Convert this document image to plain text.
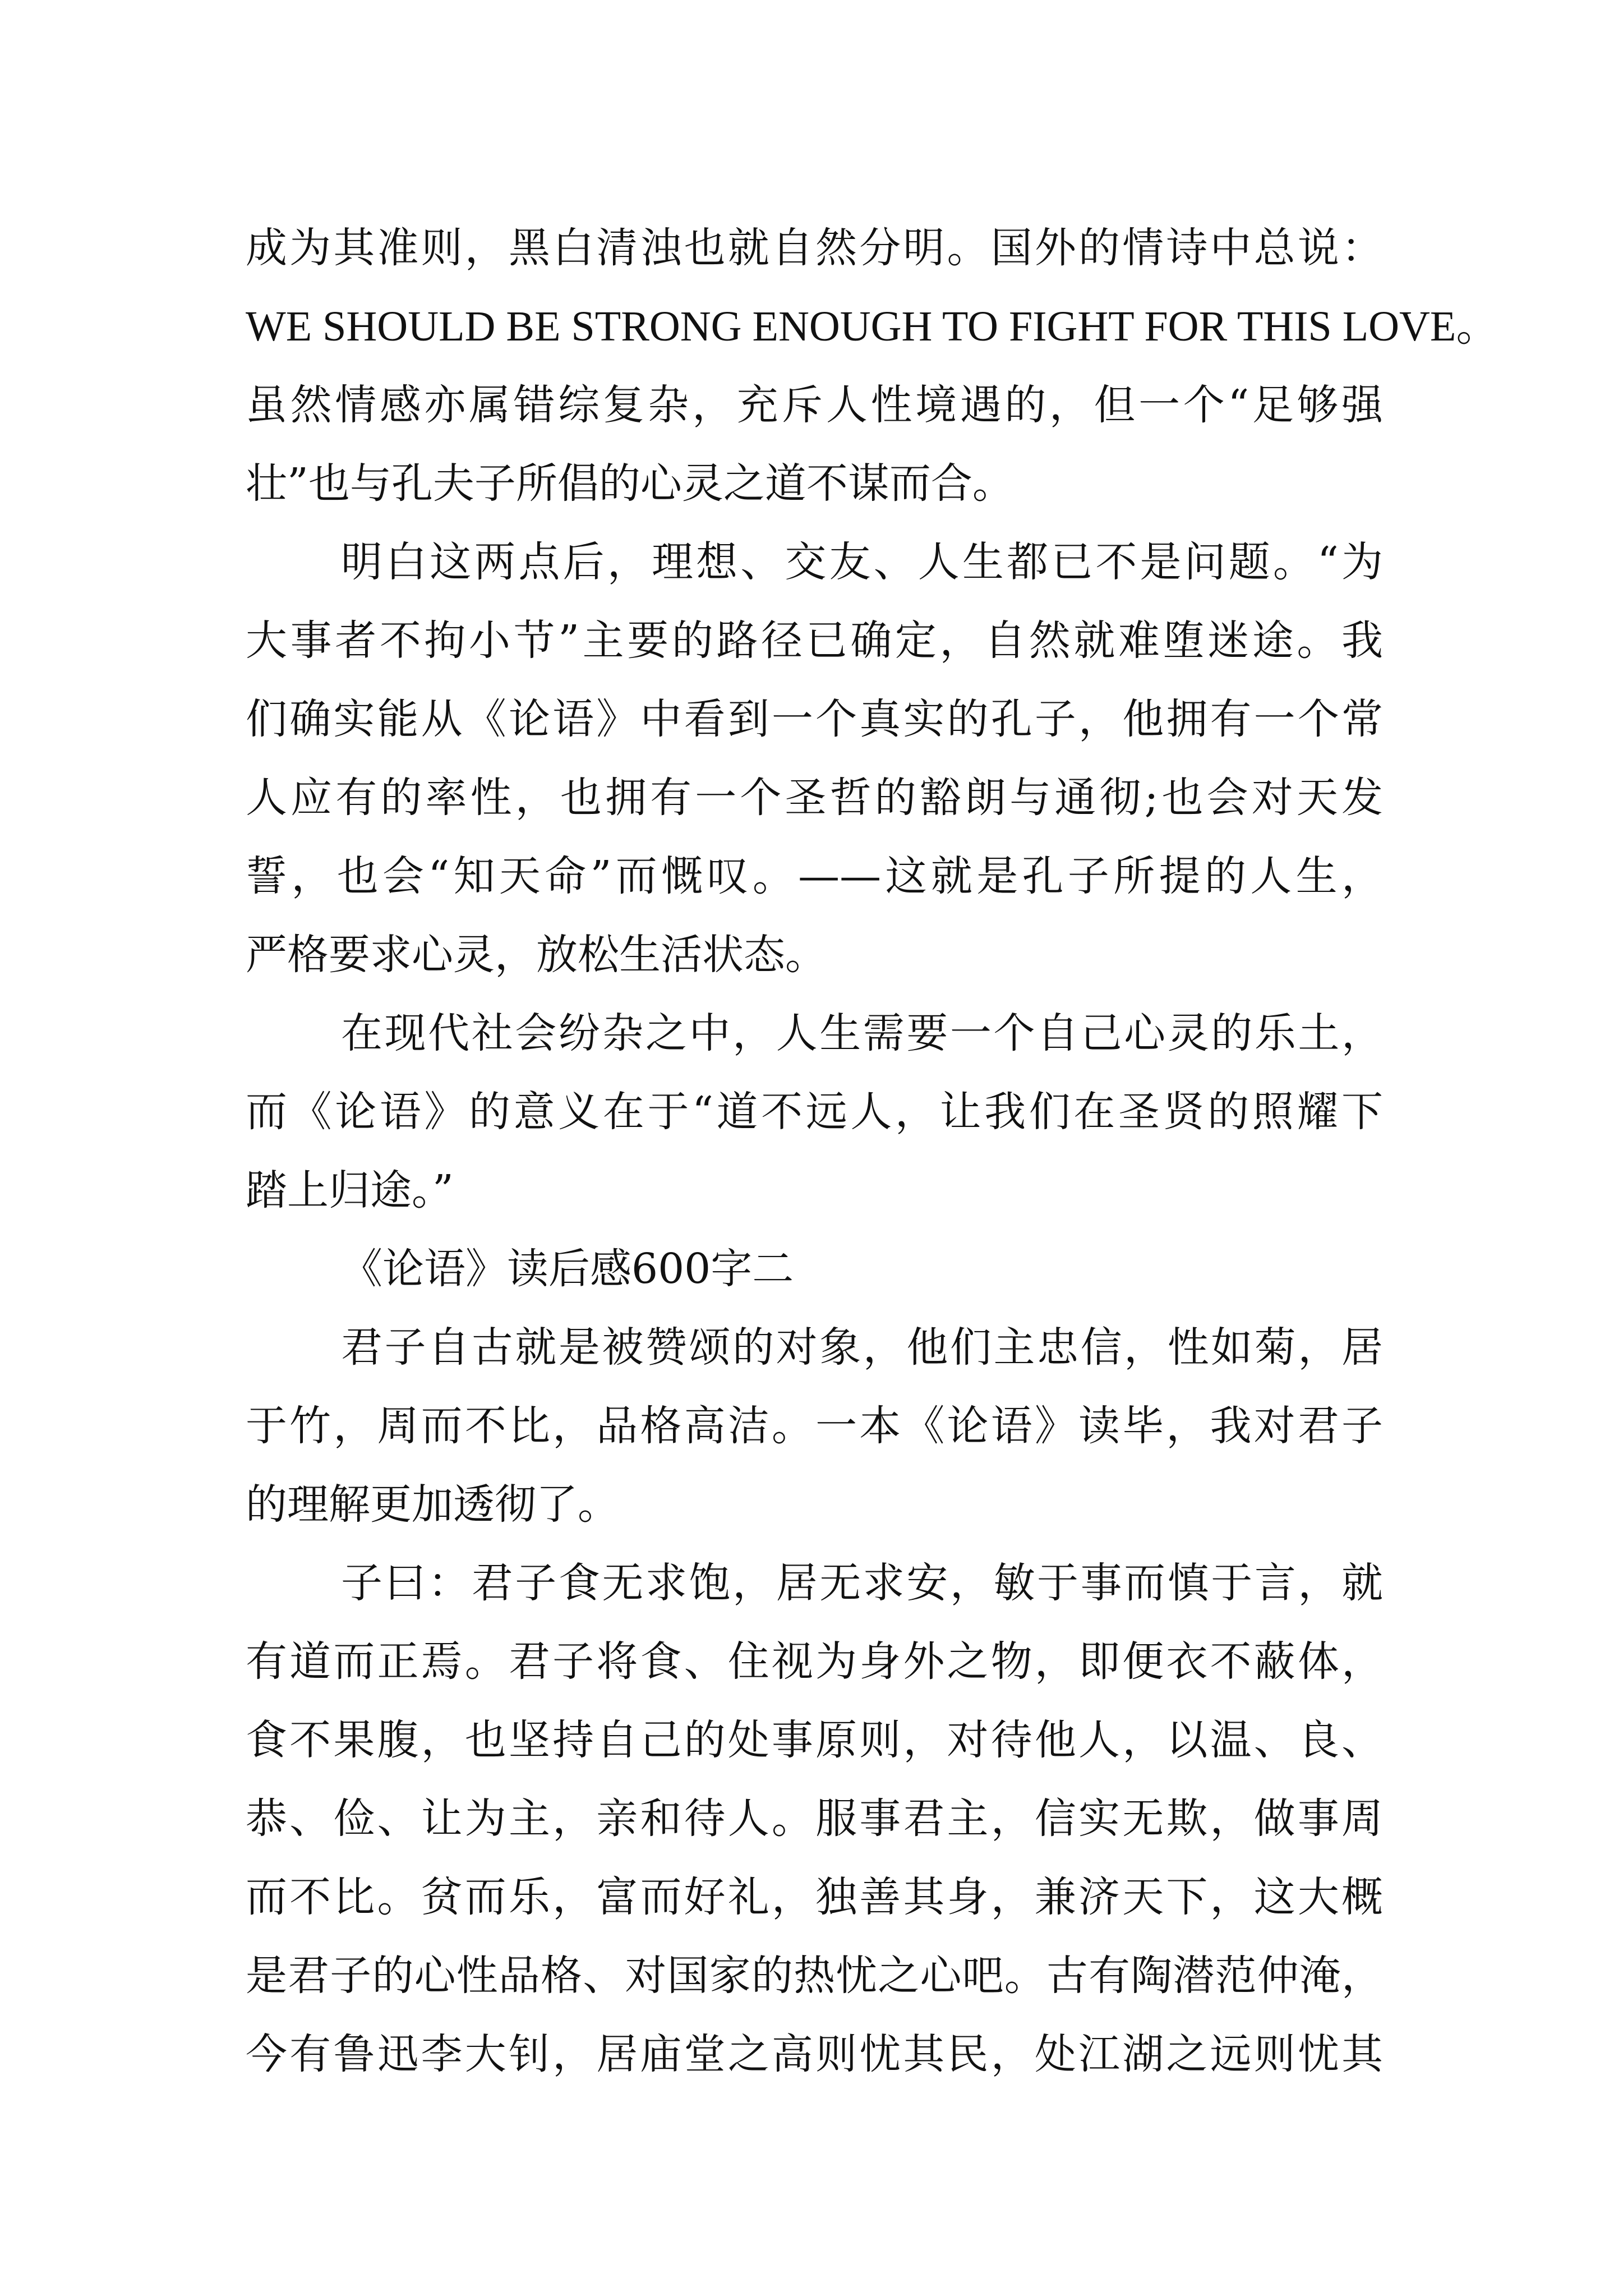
成为其准则，黑白清浊也就自然分明。国外的情诗中总说：
WE SHOULD BE STRONG ENOUGH TO FIGHT FOR THIS LOVE。
虽然情感亦属错综复杂，充斥人性境遇的，但一个“足够强
壮”也与孔夫子所倡的心灵之道不谋而合。
明白这两点后，理想、交友、人生都已不是问题。“为
大事者不拘小节”主要的路径已确定，自然就难堕迷途。我
们确实能从《论语》中看到一个真实的孔子，他拥有一个常
人应有的率性，也拥有一个圣哲的豁朗与通彻;也会对天发
誓，也会“知天命”而慨叹。——这就是孔子所提的人生，
严格要求心灵，放松生活状态。
在现代社会纷杂之中，人生需要一个自己心灵的乐土，
而《论语》的意义在于“道不远人，让我们在圣贤的照耀下
踏上归途。”
《论语》读后感600字二
君子自古就是被赞颂的对象，他们主忠信，性如菊，居
于竹，周而不比，品格高洁。一本《论语》读毕，我对君子
的理解更加透彻了。
子曰：君子食无求饱，居无求安，敏于事而慎于言，就
有道而正焉。君子将食、住视为身外之物，即便衣不蔽体，
食不果腹，也坚持自己的处事原则，对待他人，以温、良、
恭、俭、让为主，亲和待人。服事君主，信实无欺，做事周
而不比。贫而乐，富而好礼，独善其身，兼济天下，这大概
是君子的心性品格、对国家的热忧之心吧。古有陶潜范仲淹，
今有鲁迅李大钊，居庙堂之高则忧其民，处江湖之远则忧其
